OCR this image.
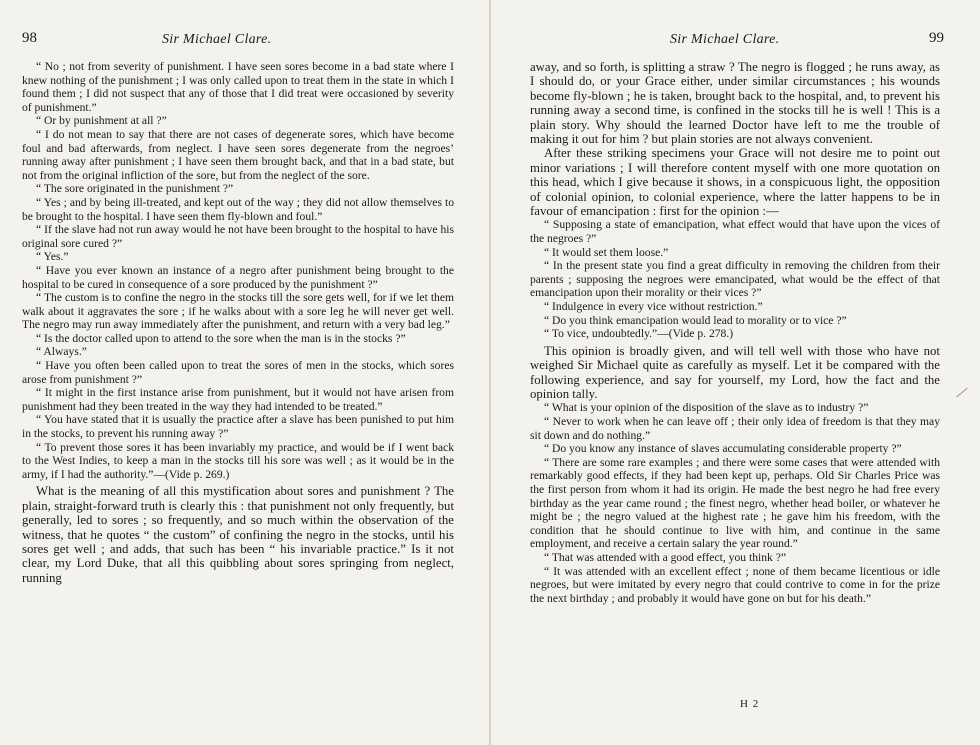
98	Sir Michael Clare.

“ No ; not from severity of punishment. I have seen sores become in a bad state where I knew nothing of the punishment ; I was only called upon to treat them in the state in which I found them ; I did not suspect that any of those that I did treat were occasioned by severity of punishment.”

“ Or by punishment at all ?”

“ I do not mean to say that there are not cases of degenerate sores, which have become foul and bad afterwards, from neglect. I have seen sores degenerate from the negroes’ running away after punishment ; I have seen them brought back, and that in a bad state, but not from the original infliction of the sore, but from the neglect of the sore.

“ The sore originated in the punishment ?”

“ Yes ; and by being ill-treated, and kept out of the way ; they did not allow themselves to be brought to the hospital. I have seen them fly-blown and foul.”

“ If the slave had not run away would he not have been brought to the hospital to have his original sore cured ?”

“ Yes.”

“ Have you ever known an instance of a negro after punishment being brought to the hospital to be cured in consequence of a sore produced by the punishment ?”

“ The custom is to confine the negro in the stocks till the sore gets well, for if we let them walk about it aggravates the sore ; if he walks about with a sore leg he will never get well. The negro may run away immediately after the punishment, and return with a very bad leg.”

“ Is the doctor called upon to attend to the sore when the man is in the stocks ?”

“ Always.”

“ Have you often been called upon to treat the sores of men in the stocks, which sores arose from punishment ?”

“ It might in the first instance arise from punishment, but it would not have arisen from punishment had they been treated in the way they had intended to be treated.”

“ You have stated that it is usually the practice after a slave has been punished to put him in the stocks, to prevent his running away ?”

“ To prevent those sores it has been invariably my practice, and would be if I went back to the West Indies, to keep a man in the stocks till his sore was well ; as it would be in the army, if I had the authority.”—(Vide p. 269.)

What is the meaning of all this mystification about sores and punishment ? The plain, straight-forward truth is clearly this : that punishment not only frequently, but generally, led to sores ; so frequently, and so much within the observation of the witness, that he quotes “ the custom” of confining the negro in the stocks, until his sores get well ; and adds, that such has been “ his invariable practice.” Is it not clear, my Lord Duke, that all this quibbling about sores springing from neglect, running

Sir Michael Clare.	99

away, and so forth, is splitting a straw ? The negro is flogged ; he runs away, as I should do, or your Grace either, under similar circumstances ; his wounds become fly-blown ; he is taken, brought back to the hospital, and, to prevent his running away a second time, is confined in the stocks till he is well ! This is a plain story. Why should the learned Doctor have left to me the trouble of making it out for him ? but plain stories are not always convenient.

After these striking specimens your Grace will not desire me to point out minor variations ; I will therefore content myself with one more quotation on this head, which I give because it shows, in a conspicuous light, the opposition of colonial opinion, to colonial experience, where the latter happens to be in favour of emancipation : first for the opinion :—

“ Supposing a state of emancipation, what effect would that have upon the vices of the negroes ?”

“ It would set them loose.”

“ In the present state you find a great difficulty in removing the children from their parents ; supposing the negroes were emancipated, what would be the effect of that emancipation upon their morality or their vices ?”

“ Indulgence in every vice without restriction.”

“ Do you think emancipation would lead to morality or to vice ?”

“ To vice, undoubtedly.”—(Vide p. 278.)

This opinion is broadly given, and will tell well with those who have not weighed Sir Michael quite as carefully as myself. Let it be compared with the following experience, and say for yourself, my Lord, how the fact and the opinion tally.

“ What is your opinion of the disposition of the slave as to industry ?”

“ Never to work when he can leave off ; their only idea of freedom is that they may sit down and do nothing.”

“ Do you know any instance of slaves accumulating considerable property ?”

“ There are some rare examples ; and there were some cases that were attended with remarkably good effects, if they had been kept up, perhaps. Old Sir Charles Price was the first person from whom it had its origin. He made the best negro he had free every birthday as the year came round ; the finest negro, whether head boiler, or whatever he might be ; the negro valued at the highest rate ; he gave him his freedom, with the condition that he should continue to live with him, and continue in the same employment, and receive a certain salary the year round.”

“ That was attended with a good effect, you think ?”

“ It was attended with an excellent effect ; none of them became licentious or idle negroes, but were imitated by every negro that could contrive to come in for the prize the next birthday ; and probably it would have gone on but for his death.”

H 2
